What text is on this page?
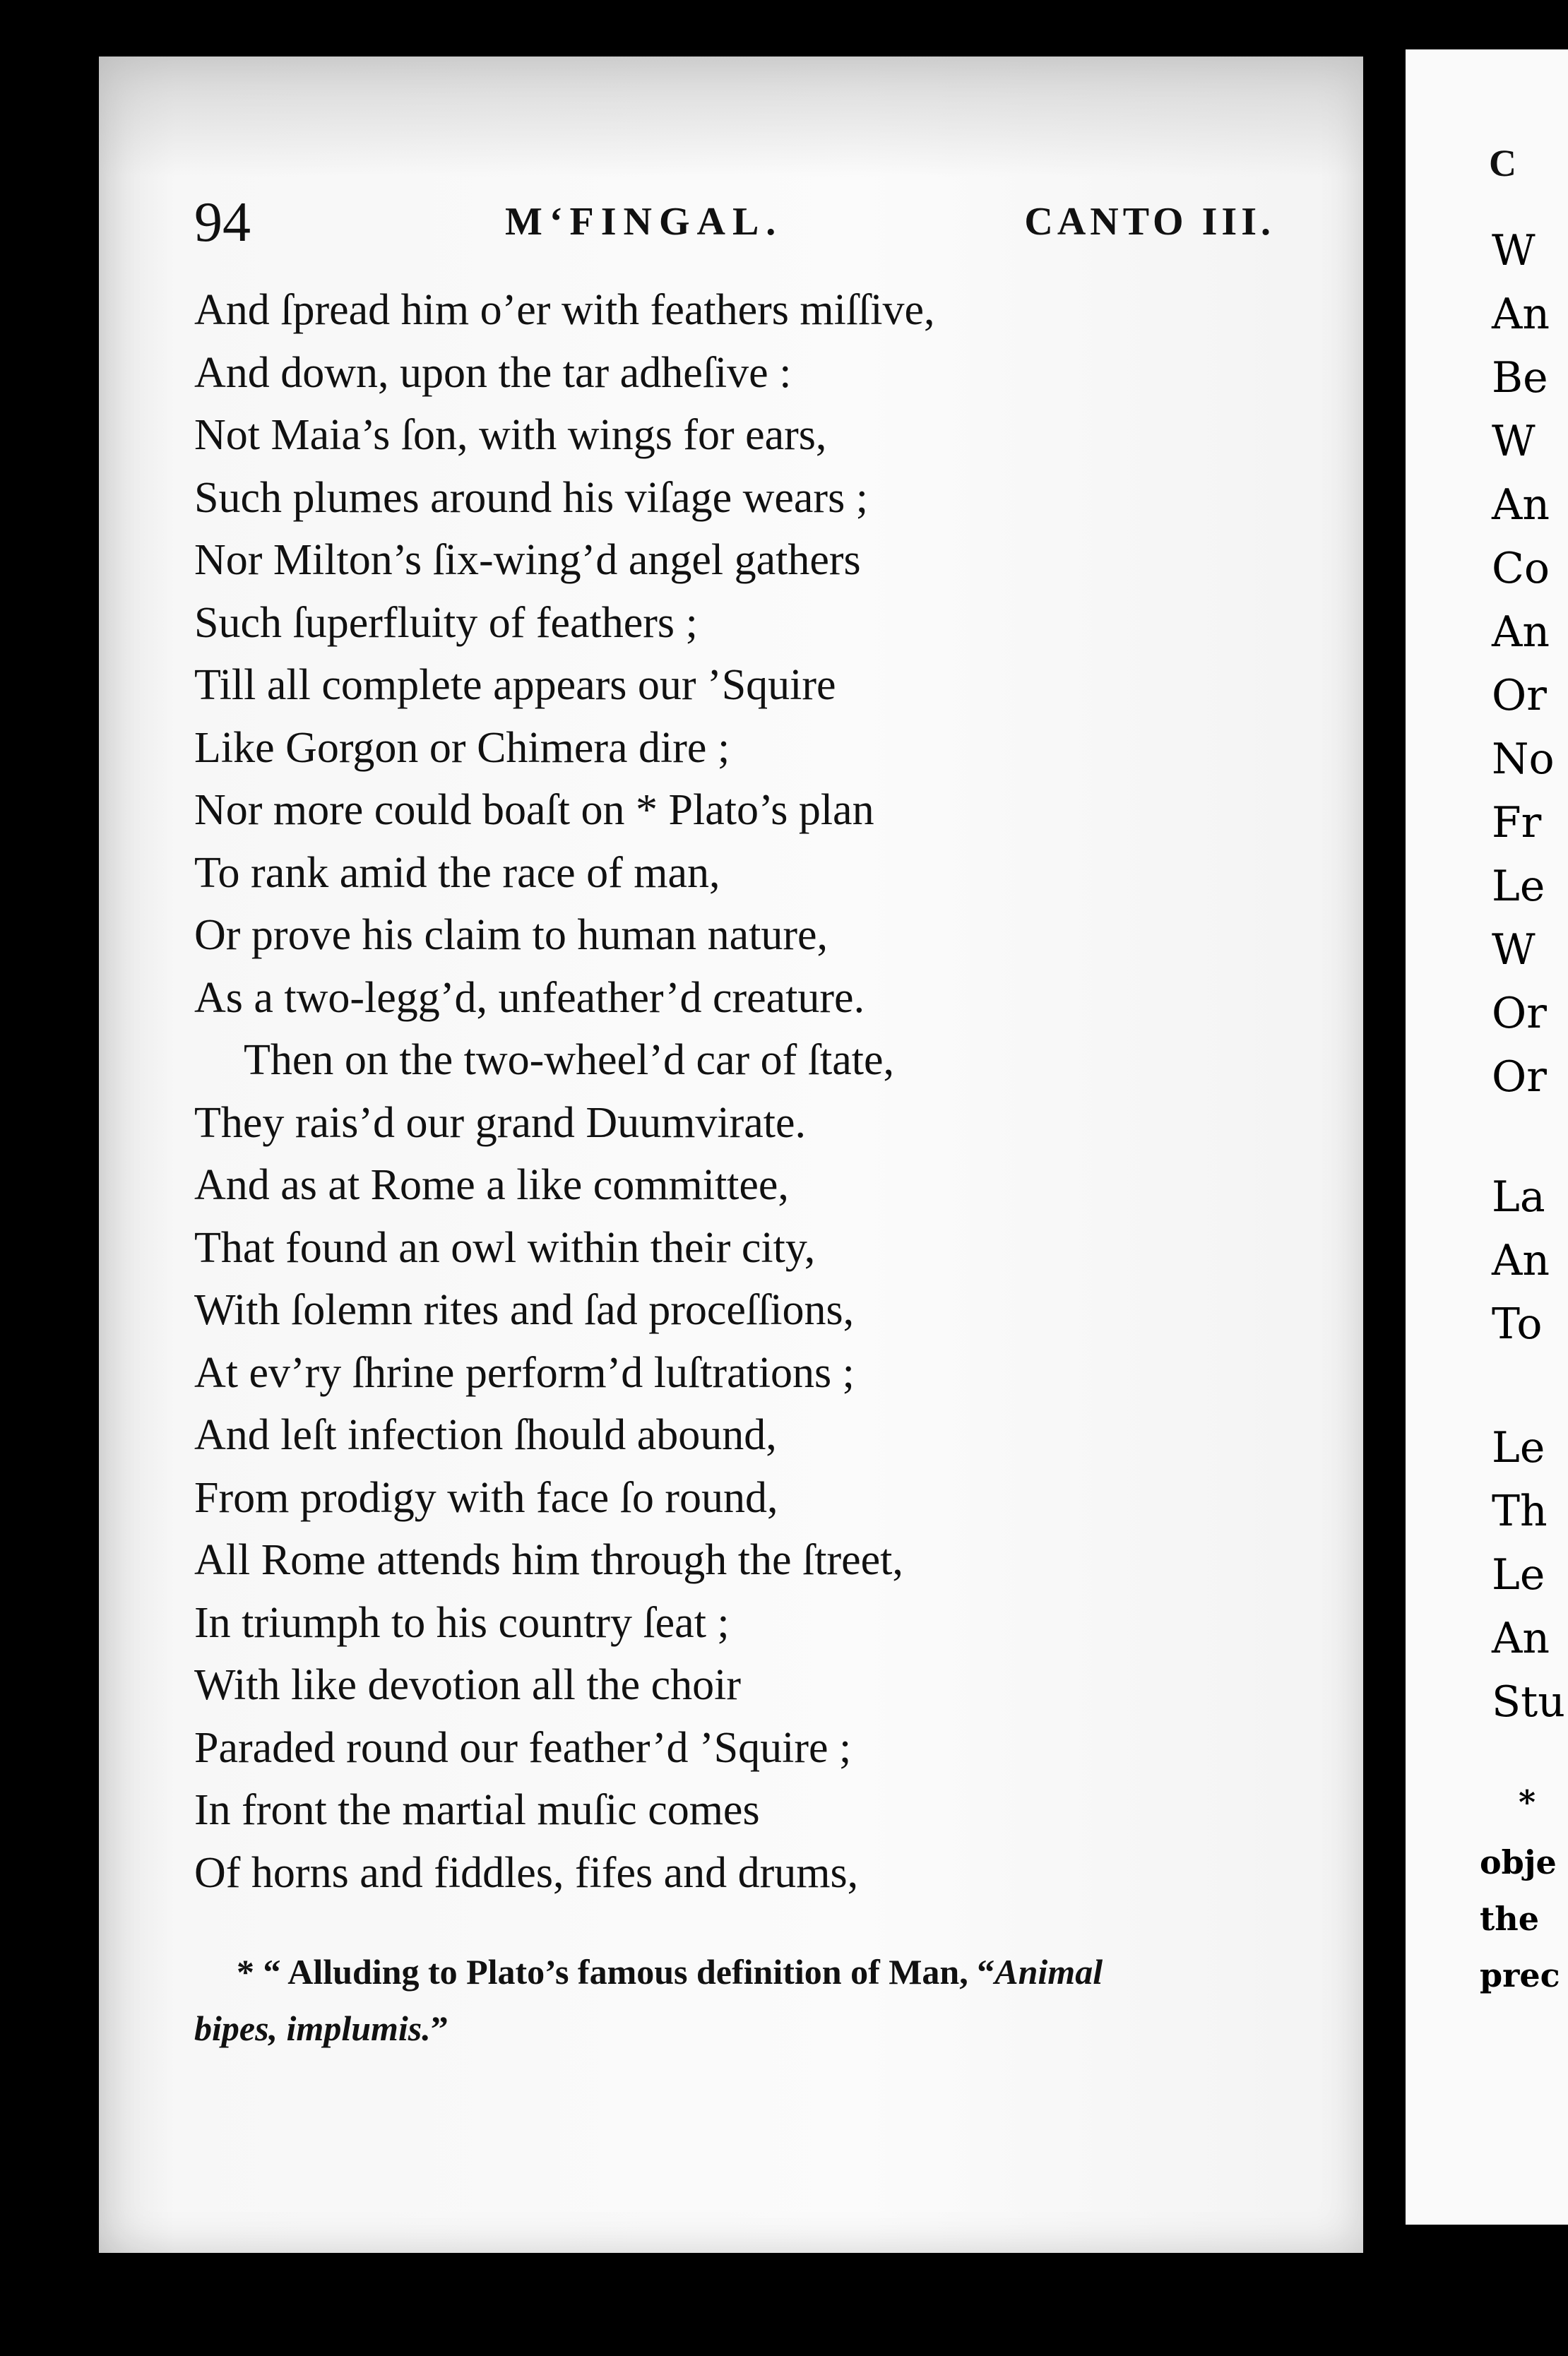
94	M‘FINGAL.	CANTO III.
And ſpread him o’er with feathers miſſive,
And down, upon the tar adheſive :
Not Maia’s ſon, with wings for ears,
Such plumes around his viſage wears ;
Nor Milton’s ſix-wing’d angel gathers
Such ſuperfluity of feathers ;
Till all complete appears our ’Squire
Like Gorgon or Chimera dire ;
Nor more could boaſt on * Plato’s plan
To rank amid the race of man,
Or prove his claim to human nature,
As a two-legg’d, unfeather’d creature.
Then on the two-wheel’d car of ſtate,
They rais’d our grand Duumvirate.
And as at Rome a like committee,
That found an owl within their city,
With ſolemn rites and ſad proceſſions,
At ev’ry ſhrine perform’d luſtrations ;
And leſt infection ſhould abound,
From prodigy with face ſo round,
All Rome attends him through the ſtreet,
In triumph to his country ſeat ;
With like devotion all the choir
Paraded round our feather’d ’Squire ;
In front the martial muſic comes
Of horns and fiddles, fifes and drums,
* “ Alluding to Plato’s famous definition of Man, “Animal
bipes, implumis.”
C
W
An
Be
W
An
Co
An
Or
No
Fr
Le
W
Or
Or
La
An
To
Le
Th
Le
An
Stu
*
obje
the
prec
